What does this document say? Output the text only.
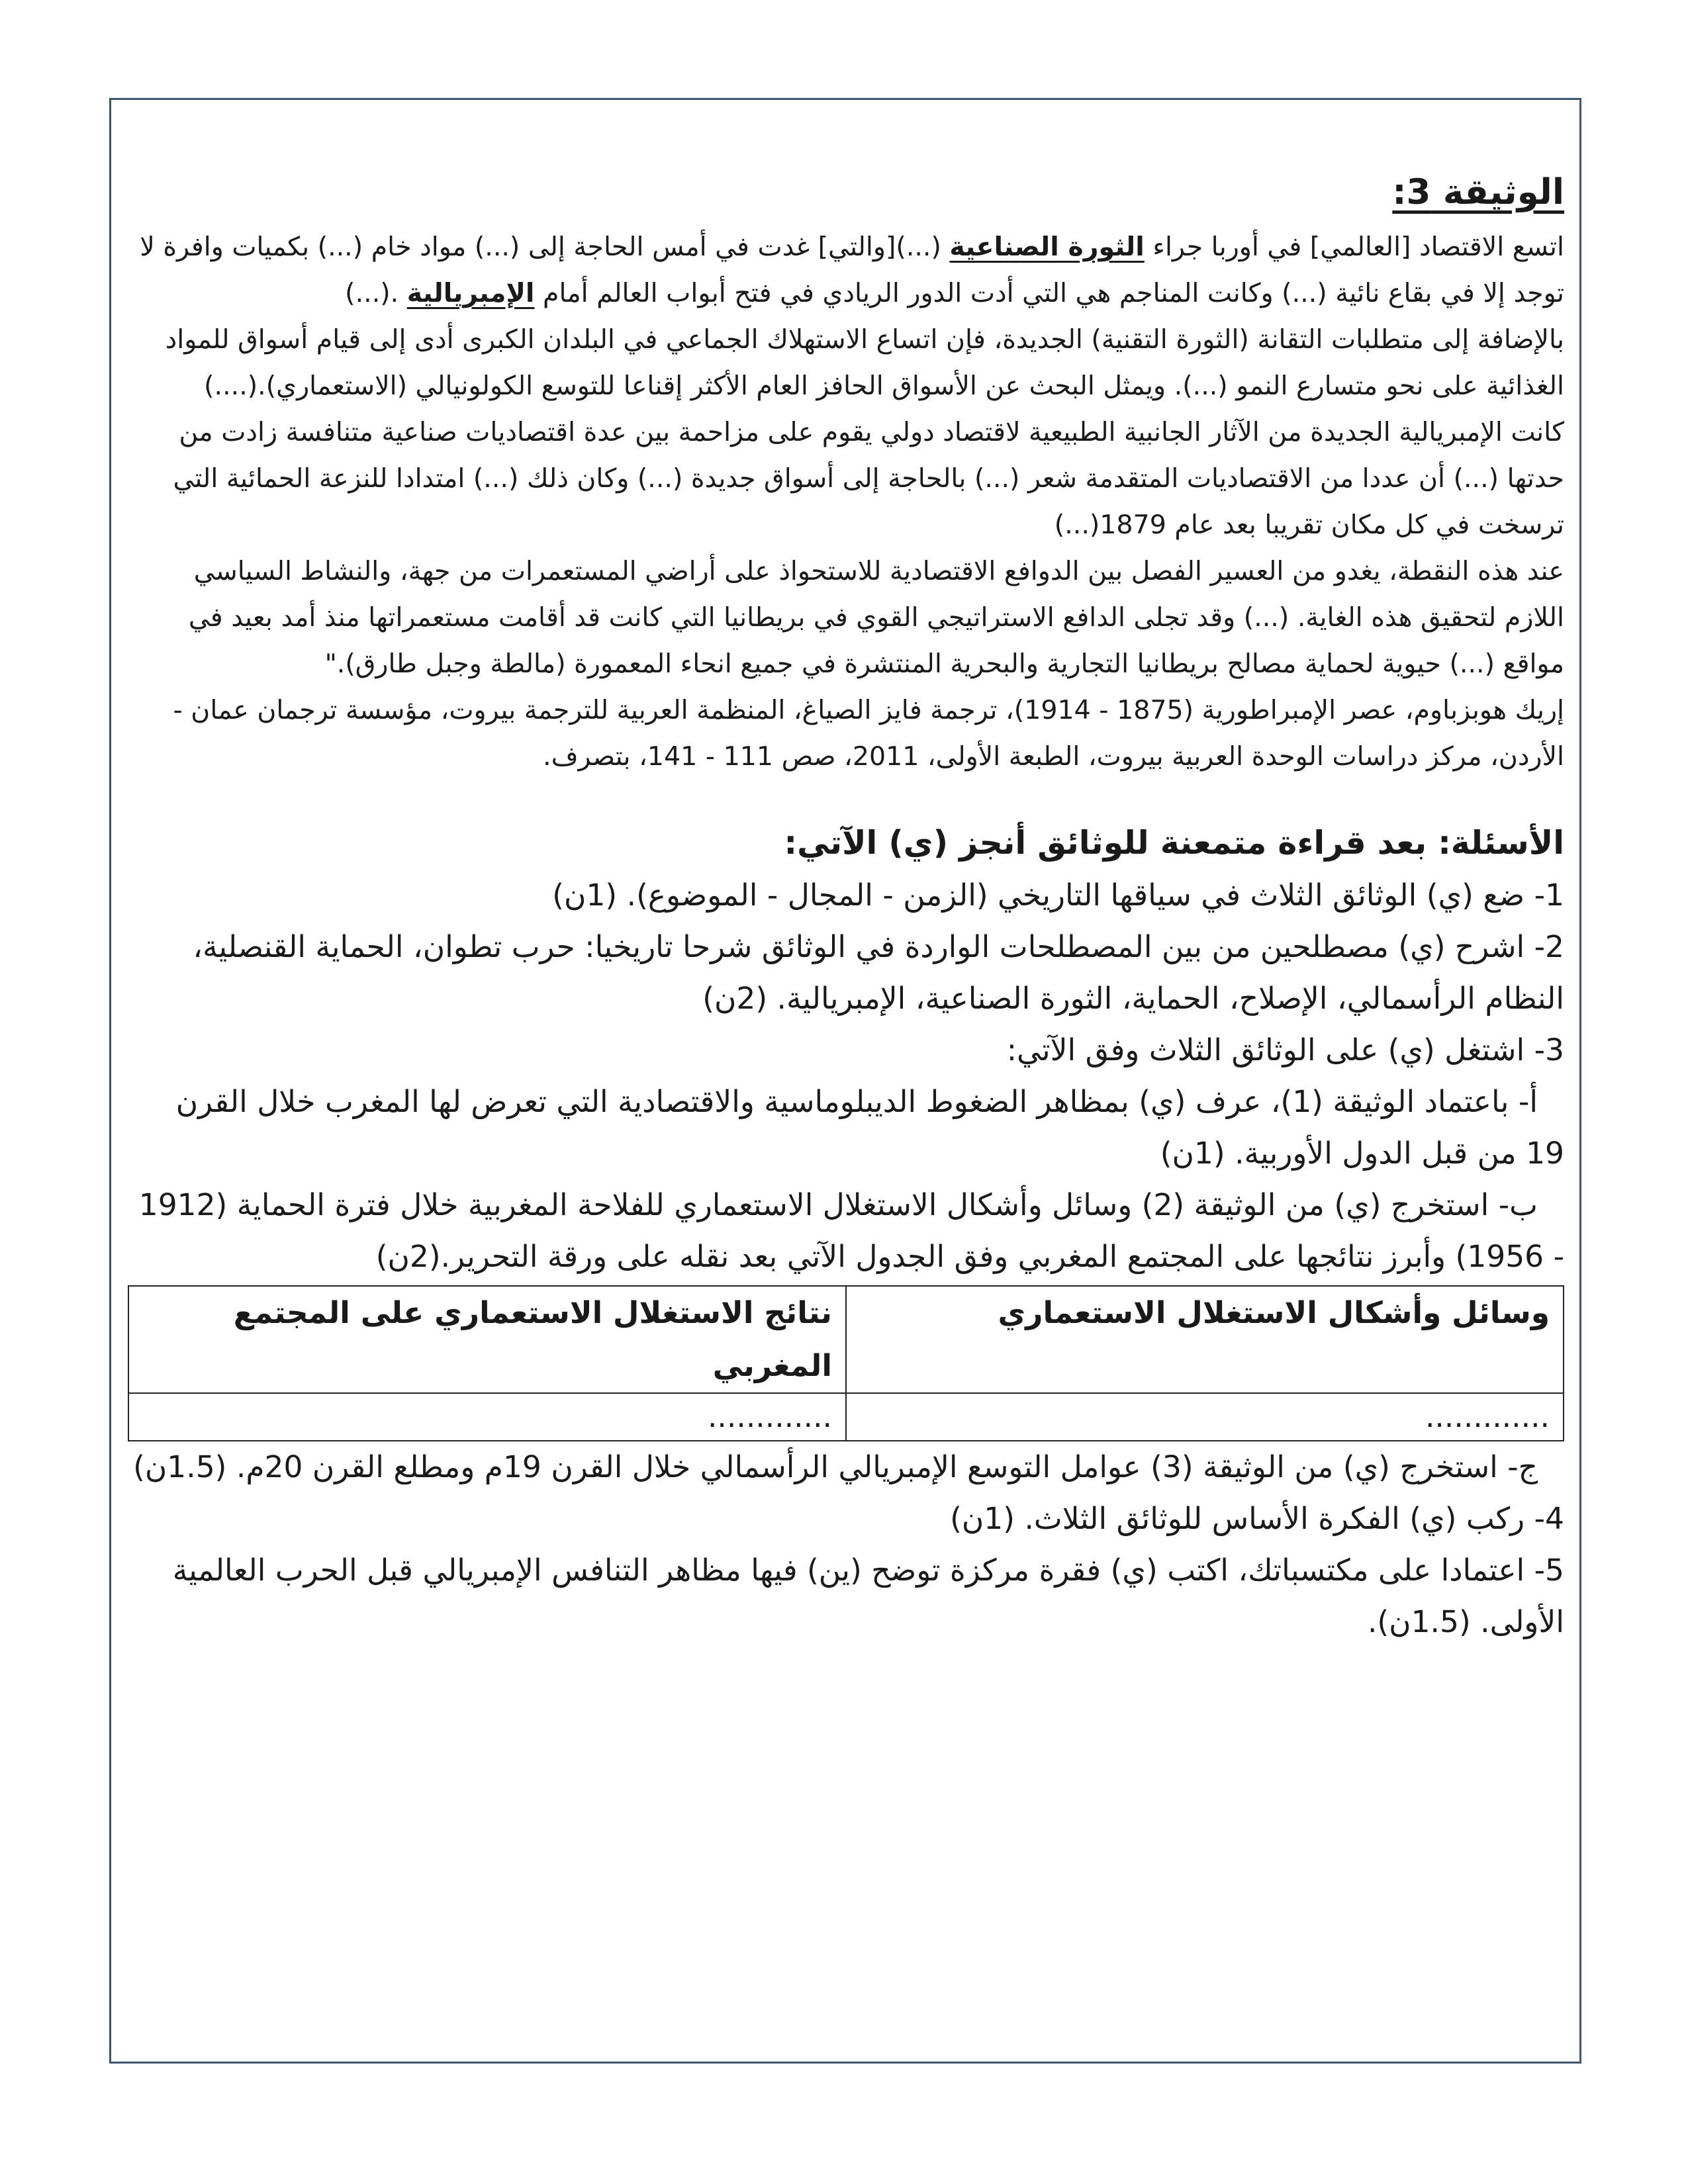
الوثيقة 3:

اتسع الاقتصاد [العالمي] في أوربا جراء الثورة الصناعية (...)[والتي] غدت في أمس الحاجة إلى (...) مواد خام (...) بكميات وافرة لا توجد إلا في بقاع نائية (...) وكانت المناجم هي التي أدت الدور الريادي في فتح أبواب العالم أمام الإمبريالية .(...)

بالإضافة إلى متطلبات التقانة (الثورة التقنية) الجديدة، فإن اتساع الاستهلاك الجماعي في البلدان الكبرى أدى إلى قيام أسواق للمواد الغذائية على نحو متسارع النمو (...). ويمثل البحث عن الأسواق الحافز العام الأكثر إقناعا للتوسع الكولونيالي (الاستعماري).(....)

كانت الإمبريالية الجديدة من الآثار الجانبية الطبيعية لاقتصاد دولي يقوم على مزاحمة بين عدة اقتصاديات صناعية متنافسة زادت من حدتها (...) أن عددا من الاقتصاديات المتقدمة شعر (...) بالحاجة إلى أسواق جديدة (...) وكان ذلك (...) امتدادا للنزعة الحمائية التي ترسخت في كل مكان تقريبا بعد عام 1879(...)

عند هذه النقطة، يغدو من العسير الفصل بين الدوافع الاقتصادية للاستحواذ على أراضي المستعمرات من جهة، والنشاط السياسي اللازم لتحقيق هذه الغاية. (...) وقد تجلى الدافع الاستراتيجي القوي في بريطانيا التي كانت قد أقامت مستعمراتها منذ أمد بعيد في مواقع (...) حيوية لحماية مصالح بريطانيا التجارية والبحرية المنتشرة في جميع انحاء المعمورة (مالطة وجبل طارق)."

إريك هوبزباوم، عصر الإمبراطورية (1875 - 1914)، ترجمة فايز الصياغ، المنظمة العربية للترجمة بيروت، مؤسسة ترجمان عمان - الأردن، مركز دراسات الوحدة العربية بيروت، الطبعة الأولى، 2011، صص 111 - 141، بتصرف.

الأسئلة: بعد قراءة متمعنة للوثائق أنجز (ي) الآتي:

1- ضع (ي) الوثائق الثلاث في سياقها التاريخي (الزمن - المجال - الموضوع). (1ن)

2- اشرح (ي) مصطلحين من بين المصطلحات الواردة في الوثائق شرحا تاريخيا: حرب تطوان، الحماية القنصلية، النظام الرأسمالي، الإصلاح، الحماية، الثورة الصناعية، الإمبريالية. (2ن)

3- اشتغل (ي) على الوثائق الثلاث وفق الآتي:

أ- باعتماد الوثيقة (1)، عرف (ي) بمظاهر الضغوط الديبلوماسية والاقتصادية التي تعرض لها المغرب خلال القرن 19 من قبل الدول الأوربية. (1ن)

ب- استخرج (ي) من الوثيقة (2) وسائل وأشكال الاستغلال الاستعماري للفلاحة المغربية خلال فترة الحماية (1912 - 1956) وأبرز نتائجها على المجتمع المغربي وفق الجدول الآتي بعد نقله على ورقة التحرير.(2ن)

وسائل وأشكال الاستغلال الاستعماري	نتائج الاستغلال الاستعماري على المجتمع المغربي
.............	.............

ج- استخرج (ي) من الوثيقة (3) عوامل التوسع الإمبريالي الرأسمالي خلال القرن 19م ومطلع القرن 20م. (1.5ن)

4- ركب (ي) الفكرة الأساس للوثائق الثلاث. (1ن)

5- اعتمادا على مكتسباتك، اكتب (ي) فقرة مركزة توضح (ين) فيها مظاهر التنافس الإمبريالي قبل الحرب العالمية الأولى. (1.5ن).
